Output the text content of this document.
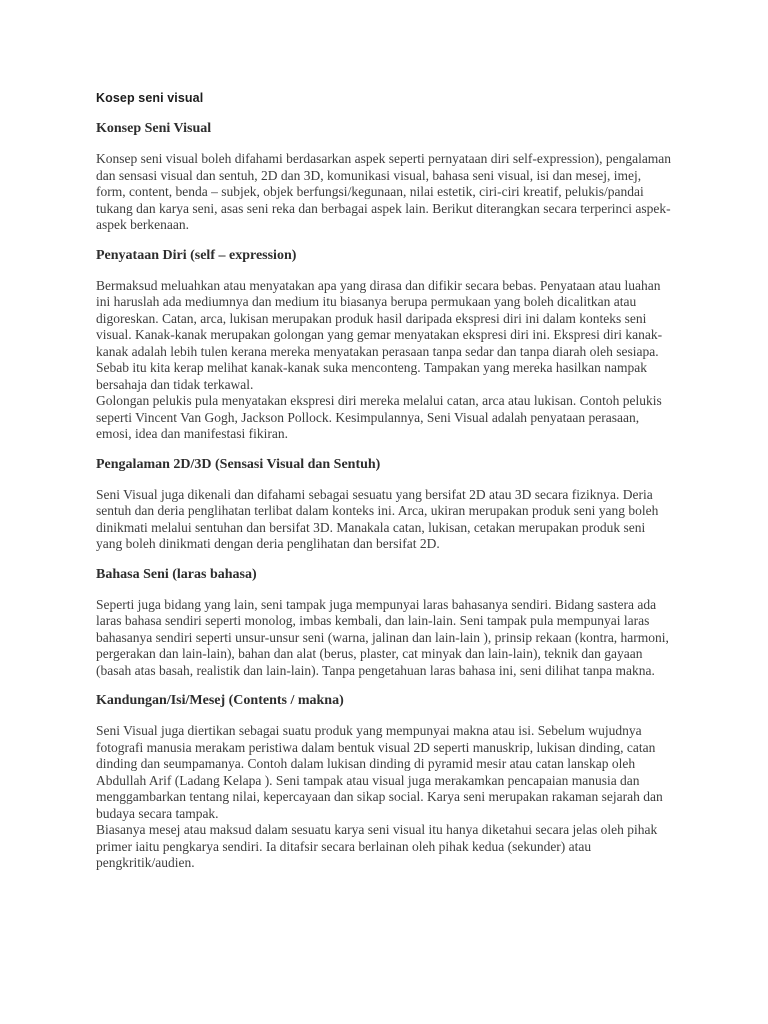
Kosep seni visual
Konsep Seni Visual

Konsep seni visual boleh difahami berdasarkan aspek seperti pernyataan diri self-expression), pengalaman dan sensasi visual dan sentuh, 2D dan 3D, komunikasi visual, bahasa seni visual, isi dan mesej, imej, form, content, benda – subjek, objek berfungsi/kegunaan, nilai estetik, ciri-ciri kreatif, pelukis/pandai tukang dan karya seni, asas seni reka dan berbagai aspek lain. Berikut diterangkan secara terperinci aspek-aspek berkenaan.

Penyataan Diri (self – expression)

Bermaksud meluahkan atau menyatakan apa yang dirasa dan difikir secara bebas. Penyataan atau luahan ini haruslah ada mediumnya dan medium itu biasanya berupa permukaan yang boleh dicalitkan atau digoreskan. Catan, arca, lukisan merupakan produk hasil daripada ekspresi diri ini dalam konteks seni visual. Kanak-kanak merupakan golongan yang gemar menyatakan ekspresi diri ini. Ekspresi diri kanak-kanak adalah lebih tulen kerana mereka menyatakan perasaan tanpa sedar dan tanpa diarah oleh sesiapa. Sebab itu kita kerap melihat kanak-kanak suka menconteng. Tampakan yang mereka hasilkan nampak bersahaja dan tidak terkawal.

Golongan pelukis pula menyatakan ekspresi diri mereka melalui catan, arca atau lukisan. Contoh pelukis seperti Vincent Van Gogh, Jackson Pollock. Kesimpulannya, Seni Visual adalah penyataan perasaan, emosi, idea dan manifestasi fikiran.

Pengalaman 2D/3D (Sensasi Visual dan Sentuh)

Seni Visual juga dikenali dan difahami sebagai sesuatu yang bersifat 2D atau 3D secara fiziknya. Deria sentuh dan deria penglihatan terlibat dalam konteks ini. Arca, ukiran merupakan produk seni yang boleh dinikmati melalui sentuhan dan bersifat 3D. Manakala catan, lukisan, cetakan merupakan produk seni yang boleh dinikmati dengan deria penglihatan dan bersifat 2D.

Bahasa Seni (laras bahasa)

Seperti juga bidang yang lain, seni tampak juga mempunyai laras bahasanya sendiri. Bidang sastera ada laras bahasa sendiri seperti monolog, imbas kembali, dan lain-lain. Seni tampak pula mempunyai laras bahasanya sendiri seperti unsur-unsur seni (warna, jalinan dan lain-lain ), prinsip rekaan (kontra, harmoni, pergerakan dan lain-lain), bahan dan alat (berus, plaster, cat minyak dan lain-lain), teknik dan gayaan (basah atas basah, realistik dan lain-lain). Tanpa pengetahuan laras bahasa ini, seni dilihat tanpa makna.

Kandungan/Isi/Mesej (Contents / makna)

Seni Visual juga diertikan sebagai suatu produk yang mempunyai makna atau isi. Sebelum wujudnya fotografi manusia merakam peristiwa dalam bentuk visual 2D seperti manuskrip, lukisan dinding, catan dinding dan seumpamanya. Contoh dalam lukisan dinding di pyramid mesir atau catan lanskap oleh Abdullah Arif (Ladang Kelapa ). Seni tampak atau visual juga merakamkan pencapaian manusia dan menggambarkan tentang nilai, kepercayaan dan sikap social. Karya seni merupakan rakaman sejarah dan budaya secara tampak.

Biasanya mesej atau maksud dalam sesuatu karya seni visual itu hanya diketahui secara jelas oleh pihak primer iaitu pengkarya sendiri. Ia ditafsir secara berlainan oleh pihak kedua (sekunder) atau pengkritik/audien.
